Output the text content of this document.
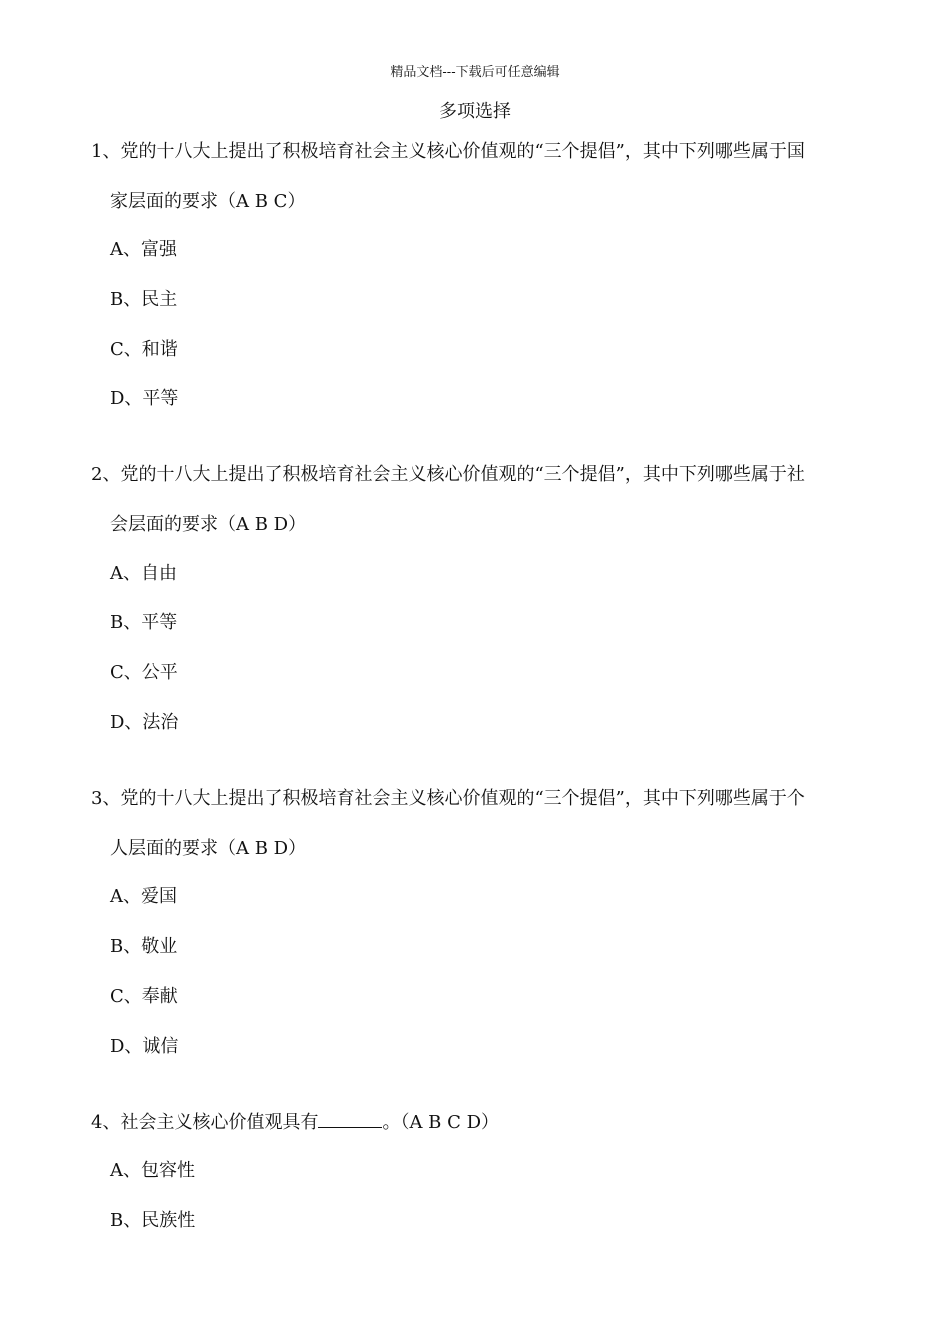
精品文档---下载后可任意编辑
多项选择
1、党的十八大上提出了积极培育社会主义核心价值观的“三个提倡”，其中下列哪些属于国
家层面的要求（A B C）
A、富强
B、民主
C、和谐
D、平等
2、党的十八大上提出了积极培育社会主义核心价值观的“三个提倡”，其中下列哪些属于社
会层面的要求（A B D）
A、自由
B、平等
C、公平
D、法治
3、党的十八大上提出了积极培育社会主义核心价值观的“三个提倡”，其中下列哪些属于个
人层面的要求（A B D）
A、爱国
B、敬业
C、奉献
D、诚信
4、社会主义核心价值观具有	。（A B C D）
A、包容性
B、民族性
